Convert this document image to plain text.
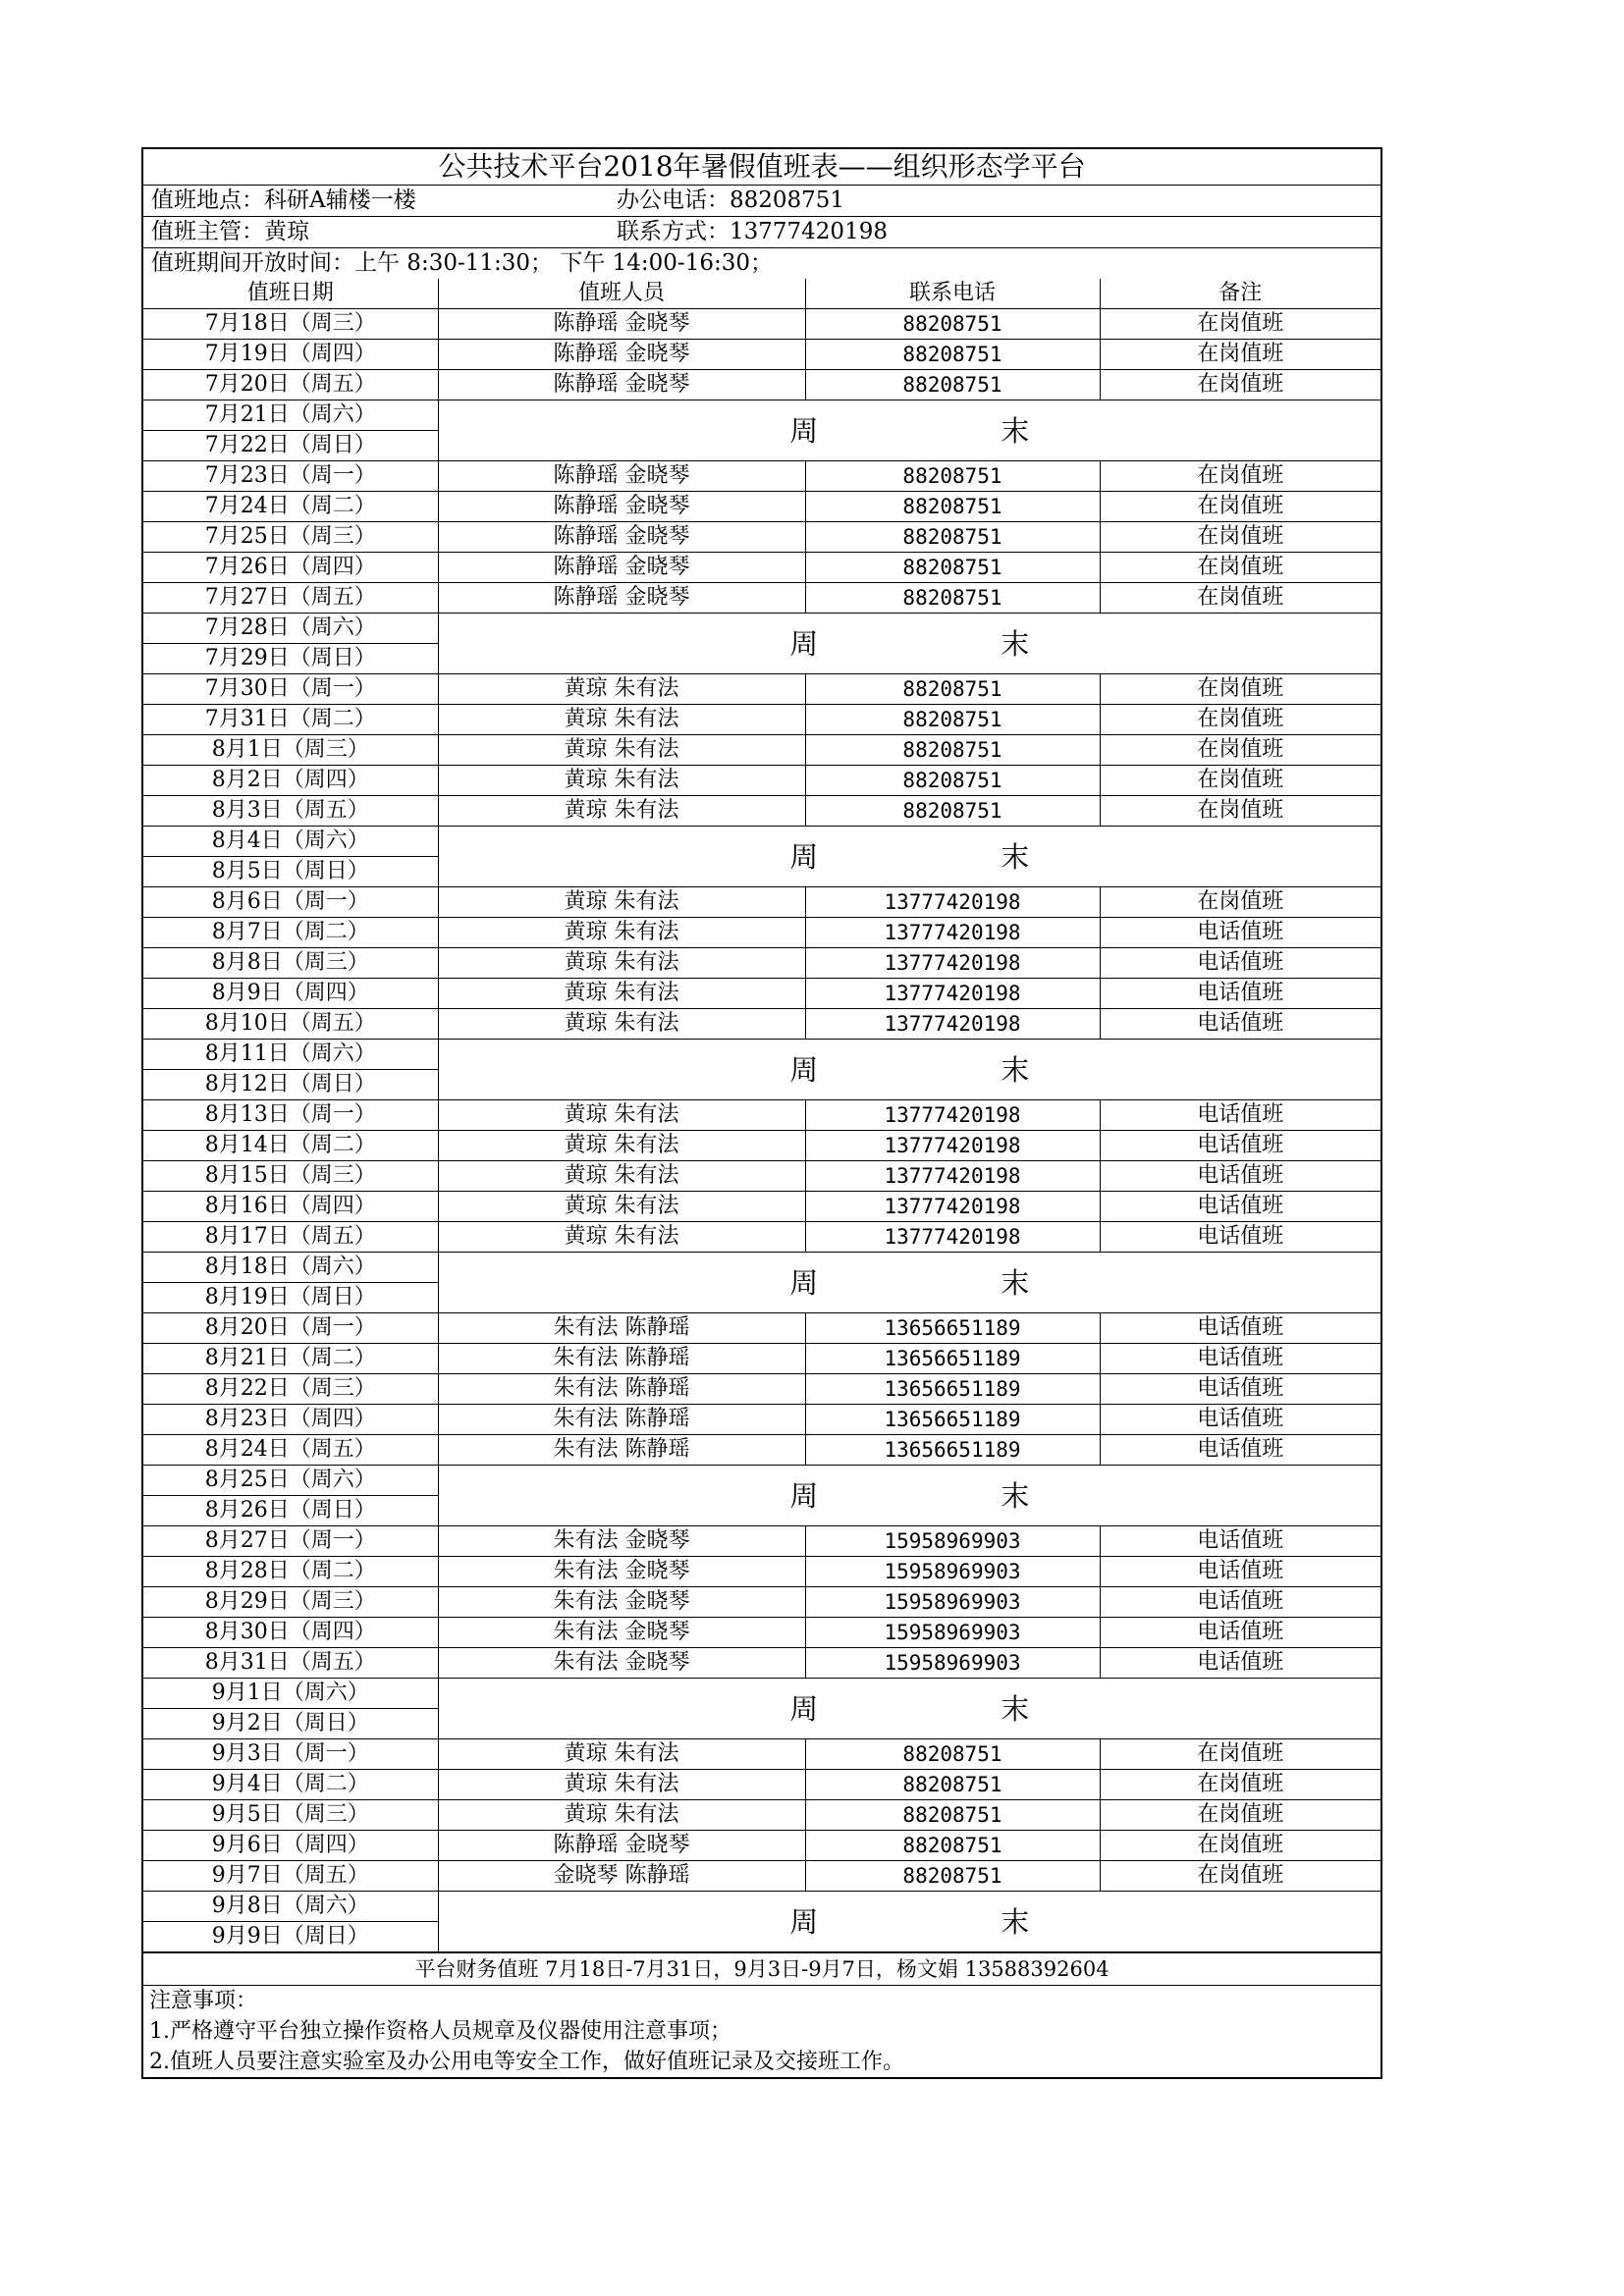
公共技术平台2018年暑假值班表——组织形态学平台
值班地点：科研A辅楼一楼	办公电话：88208751
值班主管：黄琼	联系方式：13777420198
值班期间开放时间：上午 8:30-11:30； 下午 14:00-16:30；
值班日期	值班人员	联系电话	备注
7月18日（周三）	陈静瑶 金晓琴	88208751	在岗值班
7月19日（周四）	陈静瑶 金晓琴	88208751	在岗值班
7月20日（周五）	陈静瑶 金晓琴	88208751	在岗值班
7月21日（周六）	周 末		
7月22日（周日）			
7月23日（周一）	陈静瑶 金晓琴	88208751	在岗值班
7月24日（周二）	陈静瑶 金晓琴	88208751	在岗值班
7月25日（周三）	陈静瑶 金晓琴	88208751	在岗值班
7月26日（周四）	陈静瑶 金晓琴	88208751	在岗值班
7月27日（周五）	陈静瑶 金晓琴	88208751	在岗值班
7月28日（周六）	周 末		
7月29日（周日）			
7月30日（周一）	黄琼 朱有法	88208751	在岗值班
7月31日（周二）	黄琼 朱有法	88208751	在岗值班
8月1日（周三）	黄琼 朱有法	88208751	在岗值班
8月2日（周四）	黄琼 朱有法	88208751	在岗值班
8月3日（周五）	黄琼 朱有法	88208751	在岗值班
8月4日（周六）	周 末		
8月5日（周日）			
8月6日（周一）	黄琼 朱有法	13777420198	在岗值班
8月7日（周二）	黄琼 朱有法	13777420198	电话值班
8月8日（周三）	黄琼 朱有法	13777420198	电话值班
8月9日（周四）	黄琼 朱有法	13777420198	电话值班
8月10日（周五）	黄琼 朱有法	13777420198	电话值班
8月11日（周六）	周 末		
8月12日（周日）			
8月13日（周一）	黄琼 朱有法	13777420198	电话值班
8月14日（周二）	黄琼 朱有法	13777420198	电话值班
8月15日（周三）	黄琼 朱有法	13777420198	电话值班
8月16日（周四）	黄琼 朱有法	13777420198	电话值班
8月17日（周五）	黄琼 朱有法	13777420198	电话值班
8月18日（周六）	周 末		
8月19日（周日）			
8月20日（周一）	朱有法 陈静瑶	13656651189	电话值班
8月21日（周二）	朱有法 陈静瑶	13656651189	电话值班
8月22日（周三）	朱有法 陈静瑶	13656651189	电话值班
8月23日（周四）	朱有法 陈静瑶	13656651189	电话值班
8月24日（周五）	朱有法 陈静瑶	13656651189	电话值班
8月25日（周六）	周 末		
8月26日（周日）			
8月27日（周一）	朱有法 金晓琴	15958969903	电话值班
8月28日（周二）	朱有法 金晓琴	15958969903	电话值班
8月29日（周三）	朱有法 金晓琴	15958969903	电话值班
8月30日（周四）	朱有法 金晓琴	15958969903	电话值班
8月31日（周五）	朱有法 金晓琴	15958969903	电话值班
9月1日（周六）	周 末		
9月2日（周日）			
9月3日（周一）	黄琼 朱有法	88208751	在岗值班
9月4日（周二）	黄琼 朱有法	88208751	在岗值班
9月5日（周三）	黄琼 朱有法	88208751	在岗值班
9月6日（周四）	陈静瑶 金晓琴	88208751	在岗值班
9月7日（周五）	金晓琴 陈静瑶	88208751	在岗值班
9月8日（周六）	周 末		
9月9日（周日）			
平台财务值班 7月18日-7月31日，9月3日-9月7日，杨文娟 13588392604
注意事项：
1.严格遵守平台独立操作资格人员规章及仪器使用注意事项；
2.值班人员要注意实验室及办公用电等安全工作，做好值班记录及交接班工作。
